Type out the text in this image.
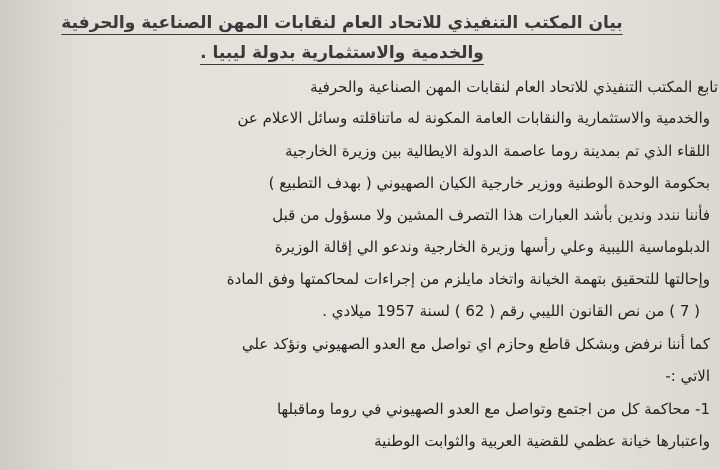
بيان المكتب التنفيذي للاتحاد العام لنقابات المهن الصناعية والحرفية
والخدمية والاستثمارية بدولة ليبيا .
تابع المكتب التنفيذي للاتحاد العام لنقابات المهن الصناعية والحرفية
والخدمية والاستثمارية والنقابات العامة المكونة له ماتناقلته وسائل الاعلام عن
اللقاء الذي تم بمدينة روما عاصمة الدولة الايطالية بين وزيرة الخارجية
بحكومة الوحدة الوطنية ووزير خارجية الكيان الصهيوني ( بهدف التطبيع )
فأننا نندد وندين بأشد العبارات هذا التصرف المشين ولا مسؤول من قبل
الدبلوماسية الليبية وعلي رأسها وزيرة الخارجية وندعو الي إقالة الوزيرة
وإحالتها للتحقيق بتهمة الخيانة واتخاد مايلزم من إجراءات لمحاكمتها وفق المادة
( 7 ) من نص القانون الليبي رقم ( 62 ) لسنة 1957 ميلادي .
كما أننا نرفض وبشكل قاطع وحازم اي تواصل مع العدو الصهيوني ونؤكد علي
الاتي :-
1- محاكمة كل من اجتمع وتواصل مع العدو الصهيوني في روما وماقبلها
واعتبارها خيانة عظمي للقضية العربية والثوابت الوطنية
